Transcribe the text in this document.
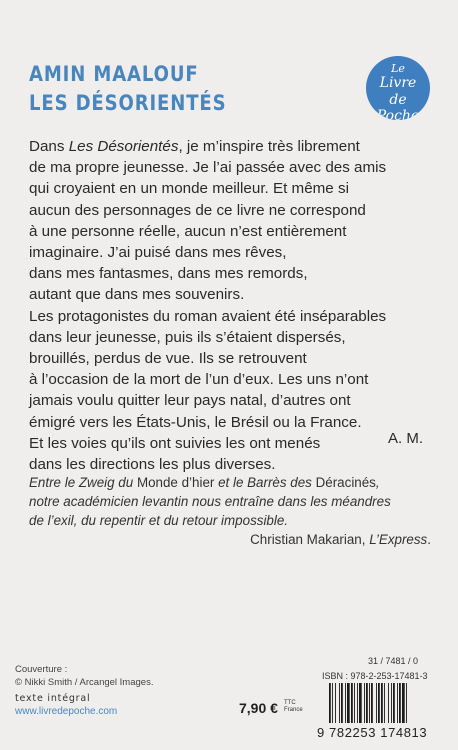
AMIN MAALOUF
LES DÉSORIENTÉS
Le
Livre
de Poche
Dans Les Désorientés, je m’inspire très librement
de ma propre jeunesse. Je l’ai passée avec des amis
qui croyaient en un monde meilleur. Et même si
aucun des personnages de ce livre ne correspond
à une personne réelle, aucun n’est entièrement
imaginaire. J’ai puisé dans mes rêves,
dans mes fantasmes, dans mes remords,
autant que dans mes souvenirs.
Les protagonistes du roman avaient été inséparables
dans leur jeunesse, puis ils s’étaient dispersés,
brouillés, perdus de vue. Ils se retrouvent
à l’occasion de la mort de l’un d’eux. Les uns n’ont
jamais voulu quitter leur pays natal, d’autres ont
émigré vers les États-Unis, le Brésil ou la France.
Et les voies qu’ils ont suivies les ont menés
dans les directions les plus diverses.
A. M.
Entre le Zweig du Monde d’hier et le Barrès des Déracinés,
notre académicien levantin nous entraîne dans les méandres
de l’exil, du repentir et du retour impossible.
Christian Makarian, L’Express.
31 / 7481 / 0
ISBN : 978-2-253-17481-3
9 782253 174813
Couverture :
© Nikki Smith / Arcangel Images.
texte intégral
www.livredepoche.com	7,90 € TTC
France
